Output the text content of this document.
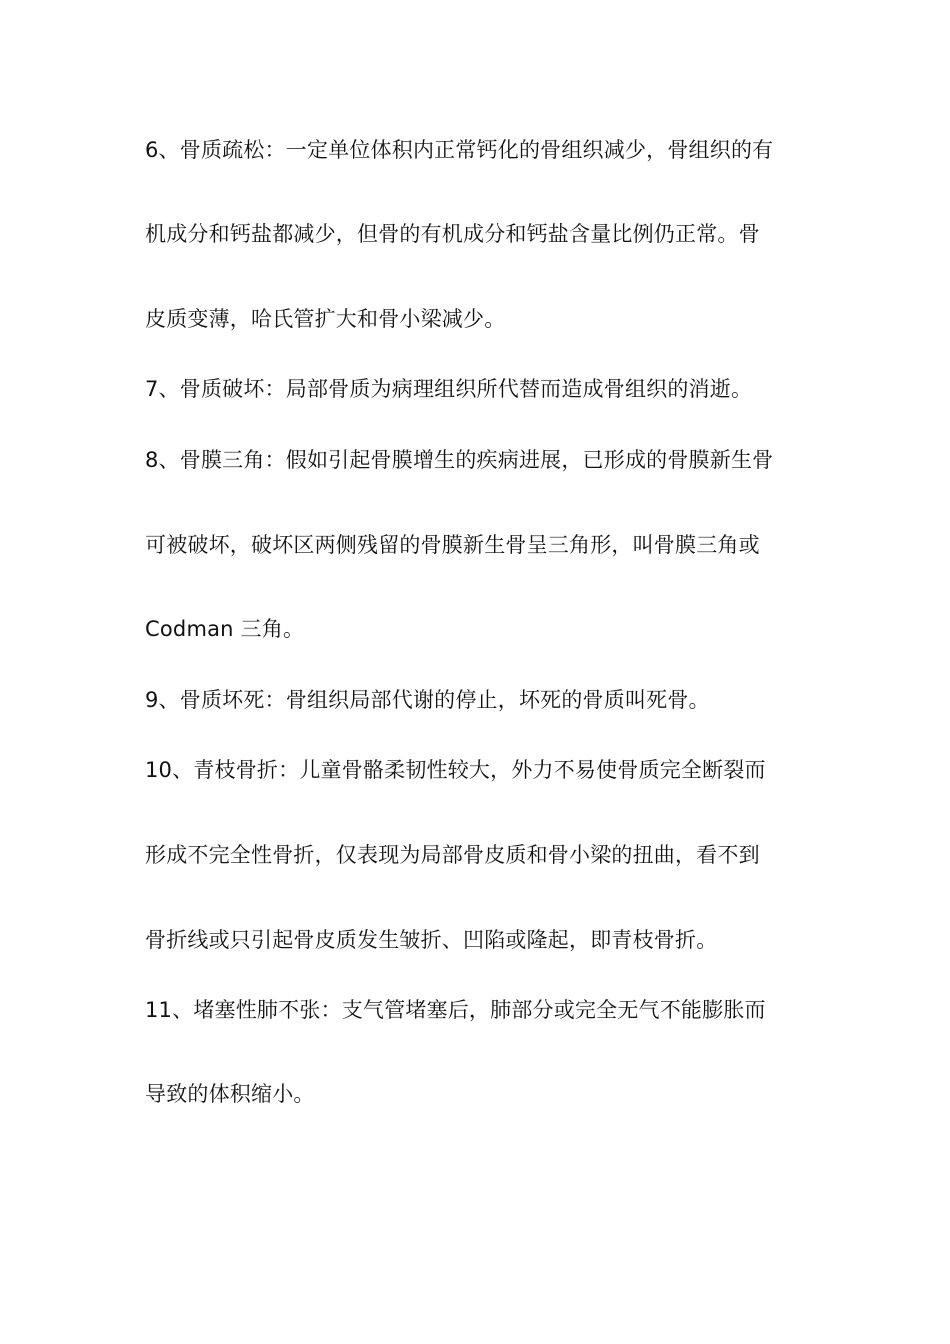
6、骨质疏松：一定单位体积内正常钙化的骨组织减少，骨组织的有
机成分和钙盐都减少，但骨的有机成分和钙盐含量比例仍正常。骨
皮质变薄，哈氏管扩大和骨小梁减少。
7、骨质破坏：局部骨质为病理组织所代替而造成骨组织的消逝。
8、骨膜三角：假如引起骨膜增生的疾病进展，已形成的骨膜新生骨
可被破坏，破坏区两侧残留的骨膜新生骨呈三角形，叫骨膜三角或
Codman 三角。
9、骨质坏死：骨组织局部代谢的停止，坏死的骨质叫死骨。
10、青枝骨折：儿童骨骼柔韧性较大，外力不易使骨质完全断裂而
形成不完全性骨折，仅表现为局部骨皮质和骨小梁的扭曲，看不到
骨折线或只引起骨皮质发生皱折、凹陷或隆起，即青枝骨折。
11、堵塞性肺不张：支气管堵塞后，肺部分或完全无气不能膨胀而
导致的体积缩小。
